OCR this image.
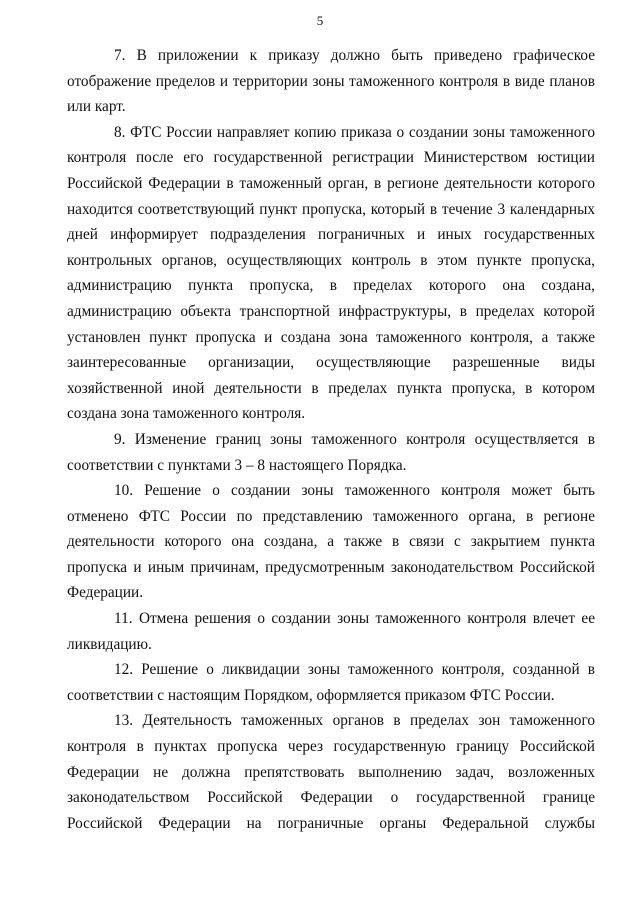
5

7. В приложении к приказу должно быть приведено графическое отображение пределов и территории зоны таможенного контроля в виде планов или карт.

8. ФТС России направляет копию приказа о создании зоны таможенного контроля после его государственной регистрации Министерством юстиции Российской Федерации в таможенный орган, в регионе деятельности которого находится соответствующий пункт пропуска, который в течение 3 календарных дней информирует подразделения пограничных и иных государственных контрольных органов, осуществляющих контроль в этом пункте пропуска, администрацию пункта пропуска, в пределах которого она создана, администрацию объекта транспортной инфраструктуры, в пределах которой установлен пункт пропуска и создана зона таможенного контроля, а также заинтересованные организации, осуществляющие разрешенные виды хозяйственной иной деятельности в пределах пункта пропуска, в котором создана зона таможенного контроля.

9. Изменение границ зоны таможенного контроля осуществляется в соответствии с пунктами 3 – 8 настоящего Порядка.

10. Решение о создании зоны таможенного контроля может быть отменено ФТС России по представлению таможенного органа, в регионе деятельности которого она создана, а также в связи с закрытием пункта пропуска и иным причинам, предусмотренным законодательством Российской Федерации.

11. Отмена решения о создании зоны таможенного контроля влечет ее ликвидацию.

12. Решение о ликвидации зоны таможенного контроля, созданной в соответствии с настоящим Порядком, оформляется приказом ФТС России.

13. Деятельность таможенных органов в пределах зон таможенного контроля в пунктах пропуска через государственную границу Российской Федерации не должна препятствовать выполнению задач, возложенных законодательством Российской Федерации о государственной границе Российской Федерации на пограничные органы Федеральной службы
